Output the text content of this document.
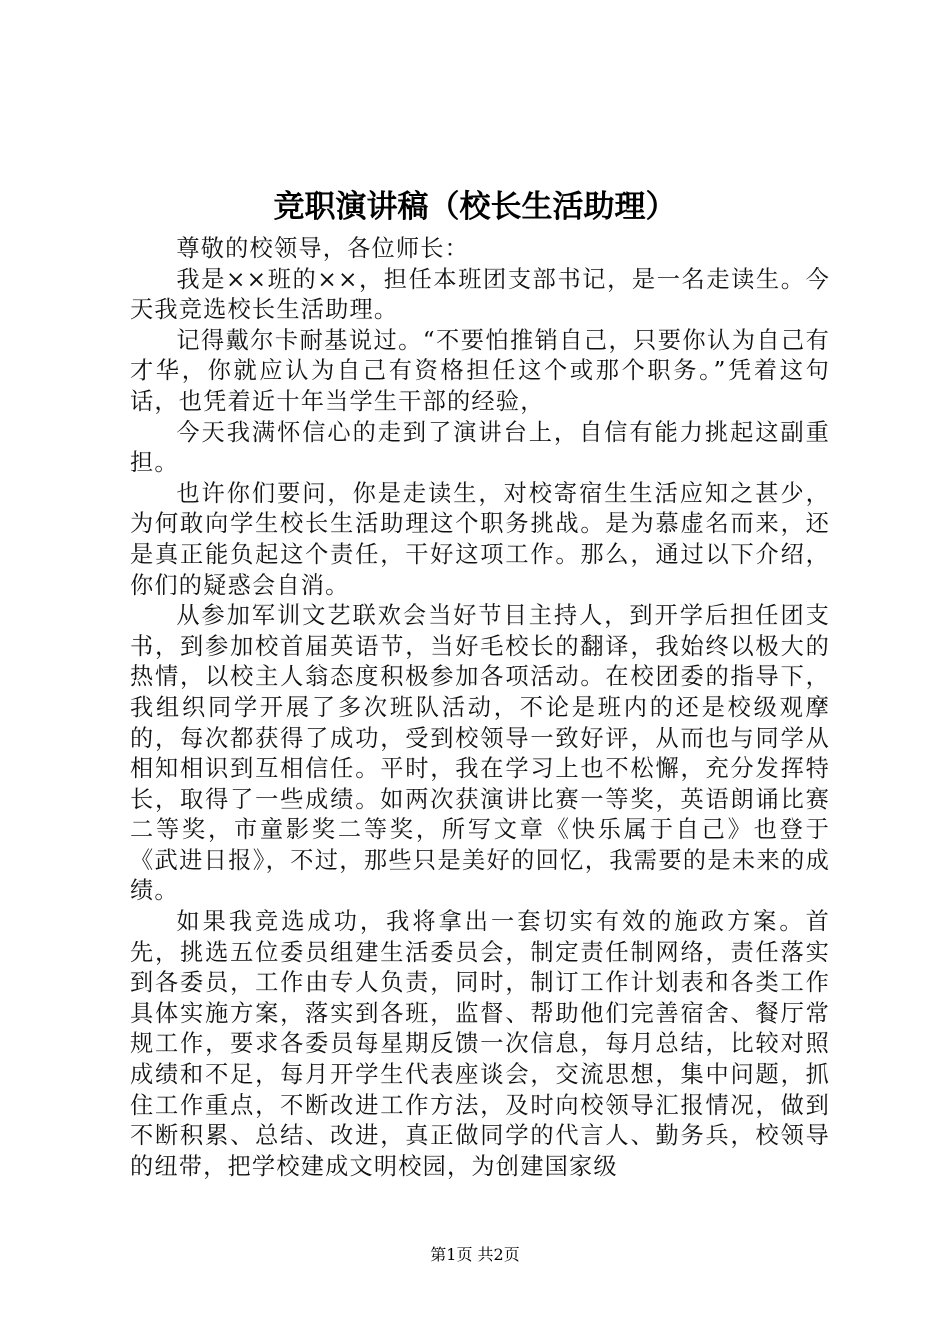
竞职演讲稿（校长生活助理）

尊敬的校领导，各位师长：

我是××班的××，担任本班团支部书记，是一名走读生。今天我竞选校长生活助理。

记得戴尔卡耐基说过。“不要怕推销自己，只要你认为自己有才华，你就应认为自己有资格担任这个或那个职务。”凭着这句话，也凭着近十年当学生干部的经验，

今天我满怀信心的走到了演讲台上，自信有能力挑起这副重担。

也许你们要问，你是走读生，对校寄宿生生活应知之甚少，为何敢向学生校长生活助理这个职务挑战。是为慕虚名而来，还是真正能负起这个责任，干好这项工作。那么，通过以下介绍，你们的疑惑会自消。

从参加军训文艺联欢会当好节目主持人，到开学后担任团支书，到参加校首届英语节，当好毛校长的翻译，我始终以极大的热情，以校主人翁态度积极参加各项活动。在校团委的指导下，我组织同学开展了多次班队活动，不论是班内的还是校级观摩的，每次都获得了成功，受到校领导一致好评，从而也与同学从相知相识到互相信任。平时，我在学习上也不松懈，充分发挥特长，取得了一些成绩。如两次获演讲比赛一等奖，英语朗诵比赛二等奖，市童影奖二等奖，所写文章《快乐属于自己》也登于《武进日报》，不过，那些只是美好的回忆，我需要的是未来的成绩。

如果我竞选成功，我将拿出一套切实有效的施政方案。首先，挑选五位委员组建生活委员会，制定责任制网络，责任落实到各委员，工作由专人负责，同时，制订工作计划表和各类工作具体实施方案，落实到各班，监督、帮助他们完善宿舍、餐厅常规工作，要求各委员每星期反馈一次信息，每月总结，比较对照成绩和不足，每月开学生代表座谈会，交流思想，集中问题，抓住工作重点，不断改进工作方法，及时向校领导汇报情况，做到不断积累、总结、改进，真正做同学的代言人、勤务兵，校领导的纽带，把学校建成文明校园，为创建国家级

第1页 共2页
